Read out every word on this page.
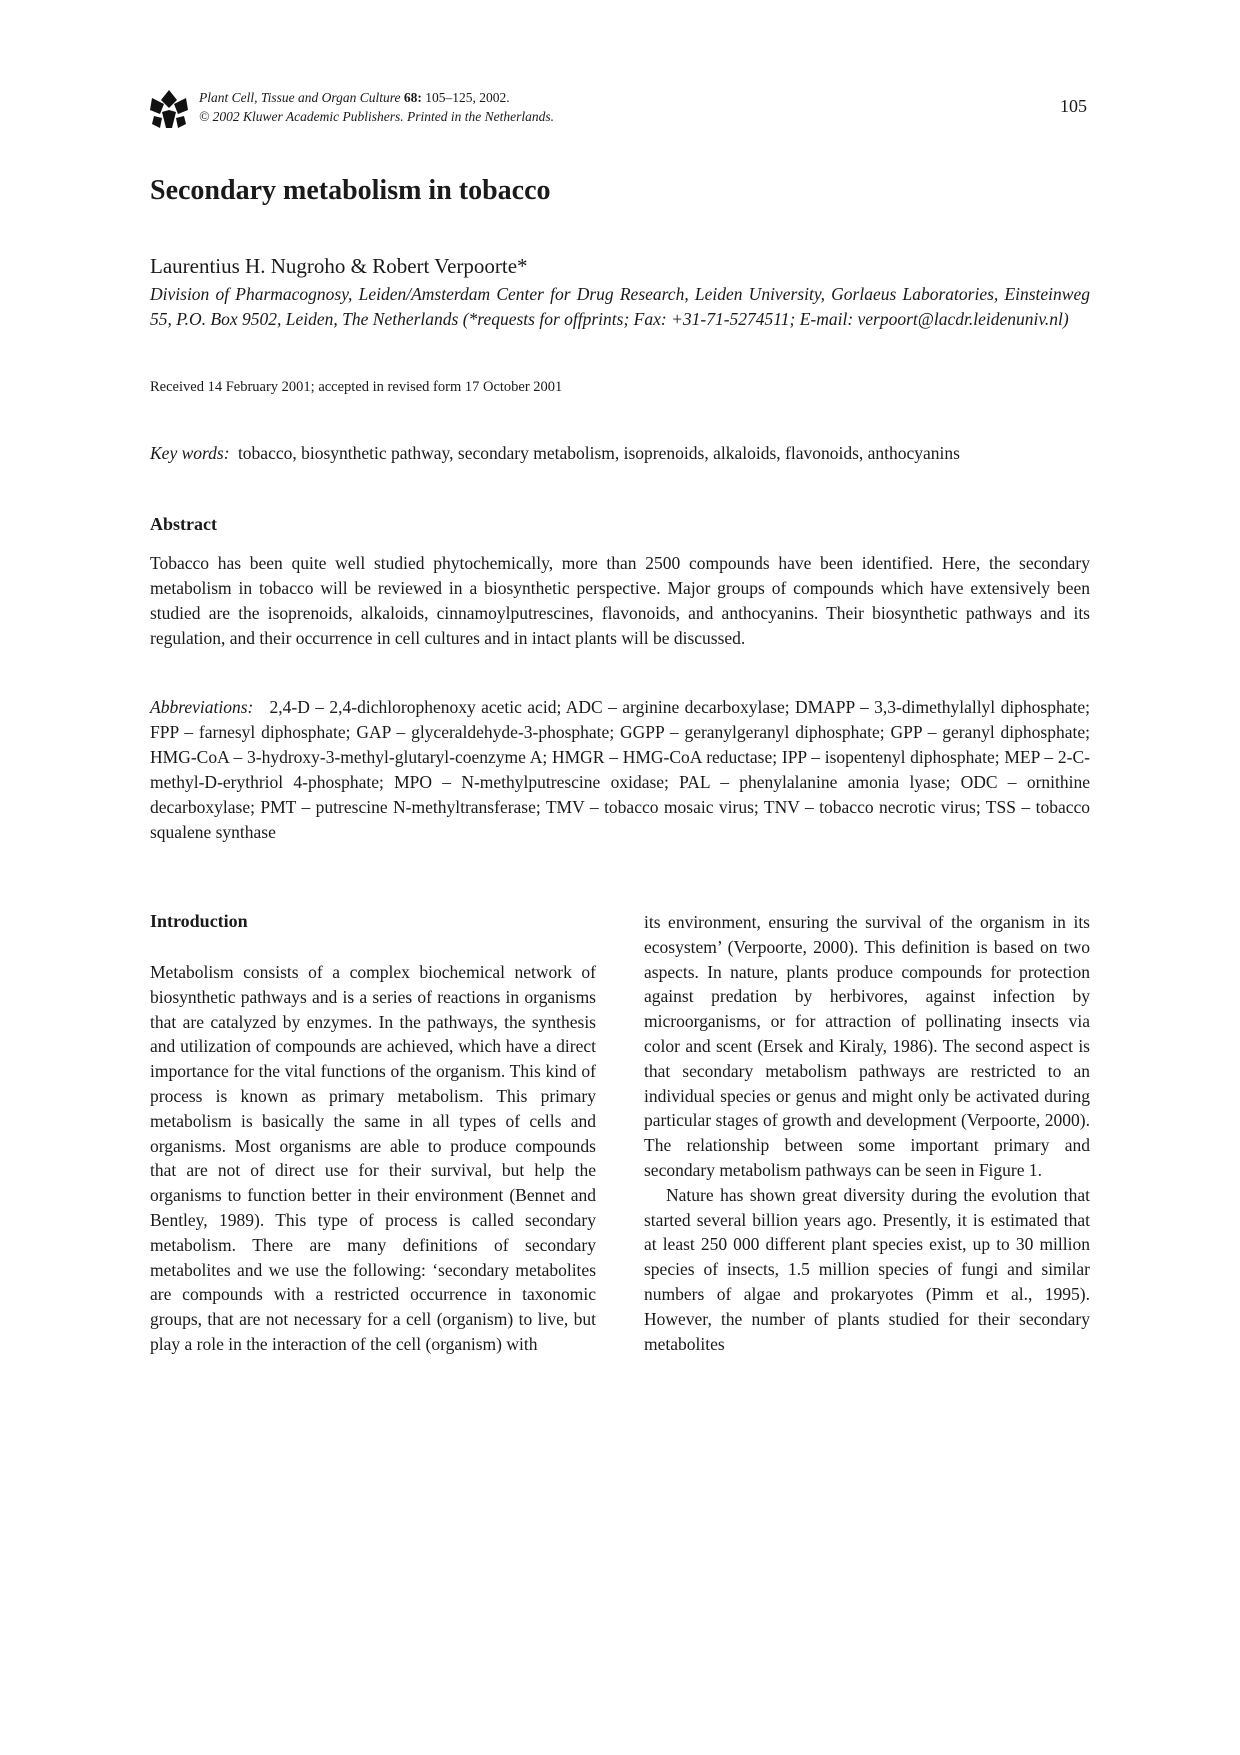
Plant Cell, Tissue and Organ Culture 68: 105–125, 2002.
© 2002 Kluwer Academic Publishers. Printed in the Netherlands.
105
Secondary metabolism in tobacco
Laurentius H. Nugroho & Robert Verpoorte*
Division of Pharmacognosy, Leiden/Amsterdam Center for Drug Research, Leiden University, Gorlaeus Laboratories, Einsteinweg 55, P.O. Box 9502, Leiden, The Netherlands (*requests for offprints; Fax: +31-71-5274511; E-mail: verpoort@lacdr.leidenuniv.nl)
Received 14 February 2001; accepted in revised form 17 October 2001
Key words: tobacco, biosynthetic pathway, secondary metabolism, isoprenoids, alkaloids, flavonoids, anthocyanins
Abstract

Tobacco has been quite well studied phytochemically, more than 2500 compounds have been identified. Here, the secondary metabolism in tobacco will be reviewed in a biosynthetic perspective. Major groups of compounds which have extensively been studied are the isoprenoids, alkaloids, cinnamoylputrescines, flavonoids, and anthocyanins. Their biosynthetic pathways and its regulation, and their occurrence in cell cultures and in intact plants will be discussed.

Abbreviations: 2,4-D – 2,4-dichlorophenoxy acetic acid; ADC – arginine decarboxylase; DMAPP – 3,3-dimethylallyl diphosphate; FPP – farnesyl diphosphate; GAP – glyceraldehyde-3-phosphate; GGPP – geranylgeranyl diphosphate; GPP – geranyl diphosphate; HMG-CoA – 3-hydroxy-3-methyl-glutaryl-coenzyme A; HMGR – HMG-CoA reductase; IPP – isopentenyl diphosphate; MEP – 2-C-methyl-D-erythriol 4-phosphate; MPO – N-methylputrescine oxidase; PAL – phenylalanine amonia lyase; ODC – ornithine decarboxylase; PMT – putrescine N-methyltransferase; TMV – tobacco mosaic virus; TNV – tobacco necrotic virus; TSS – tobacco squalene synthase

Introduction

Metabolism consists of a complex biochemical network of biosynthetic pathways and is a series of reactions in organisms that are catalyzed by enzymes. In the pathways, the synthesis and utilization of compounds are achieved, which have a direct importance for the vital functions of the organism. This kind of process is known as primary metabolism. This primary metabolism is basically the same in all types of cells and organisms. Most organisms are able to produce compounds that are not of direct use for their survival, but help the organisms to function better in their environment (Bennet and Bentley, 1989). This type of process is called secondary metabolism. There are many definitions of secondary metabolites and we use the following: ‘secondary metabolites are compounds with a restricted occurrence in taxonomic groups, that are not necessary for a cell (organism) to live, but play a role in the interaction of the cell (organism) with

its environment, ensuring the survival of the organism in its ecosystem’ (Verpoorte, 2000). This definition is based on two aspects. In nature, plants produce compounds for protection against predation by herbivores, against infection by microorganisms, or for attraction of pollinating insects via color and scent (Ersek and Kiraly, 1986). The second aspect is that secondary metabolism pathways are restricted to an individual species or genus and might only be activated during particular stages of growth and development (Verpoorte, 2000). The relationship between some important primary and secondary metabolism pathways can be seen in Figure 1.

Nature has shown great diversity during the evolution that started several billion years ago. Presently, it is estimated that at least 250 000 different plant species exist, up to 30 million species of insects, 1.5 million species of fungi and similar numbers of algae and prokaryotes (Pimm et al., 1995). However, the number of plants studied for their secondary metabolites
